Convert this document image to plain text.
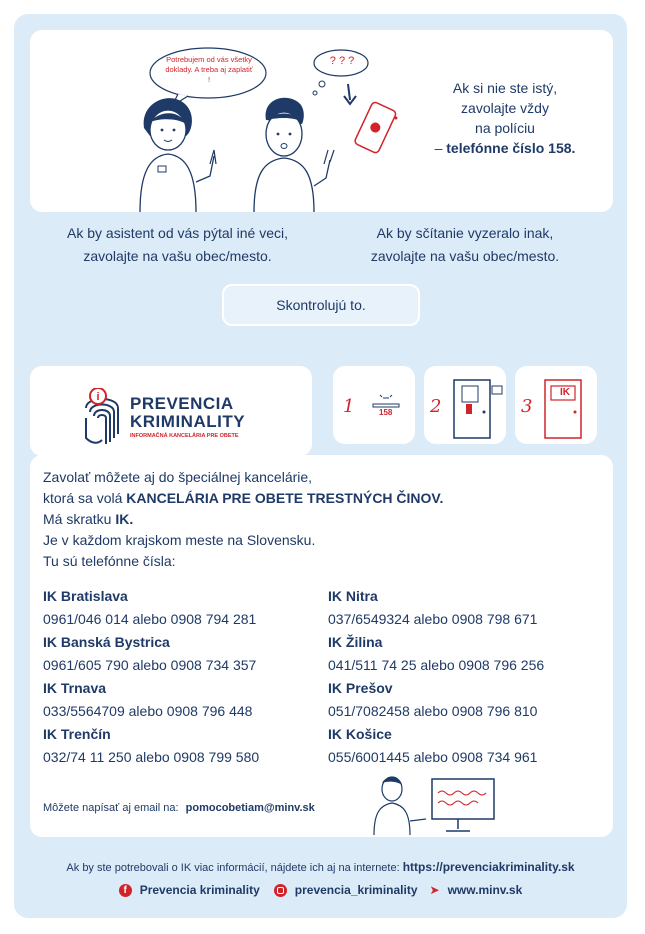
Potrebujem od vás všetky doklady. A treba aj zaplatiť !
? ? ?
Ak si nie ste istý,
zavolajte vždy
na políciu
– telefónne číslo 158.
Ak by asistent od vás pýtal iné veci,
zavolajte na vašu obec/mesto.
Ak by sčítanie vyzeralo inak,
zavolajte na vašu obec/mesto.
Skontrolujú to.
i PREVENCIA
KRIMINALITY
INFORMAČNÁ KANCELÁRIA PRE OBETE
1	158 2	3
IK
Zavolať môžete aj do špeciálnej kancelárie,
ktorá sa volá KANCELÁRIA PRE OBETE TRESTNÝCH ČINOV.
Má skratku IK.
Je v každom krajskom meste na Slovensku.
Tu sú telefónne čísla:
IK Bratislava
0961/046 014 alebo 0908 794 281
IK Banská Bystrica
0961/605 790 alebo 0908 734 357
IK Trnava
033/5564709 alebo 0908 796 448
IK Trenčín
032/74 11 250 alebo 0908 799 580
IK Nitra
037/6549324 alebo 0908 798 671
IK Žilina
041/511 74 25 alebo 0908 796 256
IK Prešov
051/7082458 alebo 0908 796 810
IK Košice
055/6001445 alebo 0908 734 961
Môžete napísať aj email na: pomocobetiam@minv.sk
Ak by ste potrebovali o IK viac informácií, nájdete ich aj na internete: https://prevenciakriminality.sk
f	Prevencia kriminality	prevencia_kriminality ➤ www.minv.sk
